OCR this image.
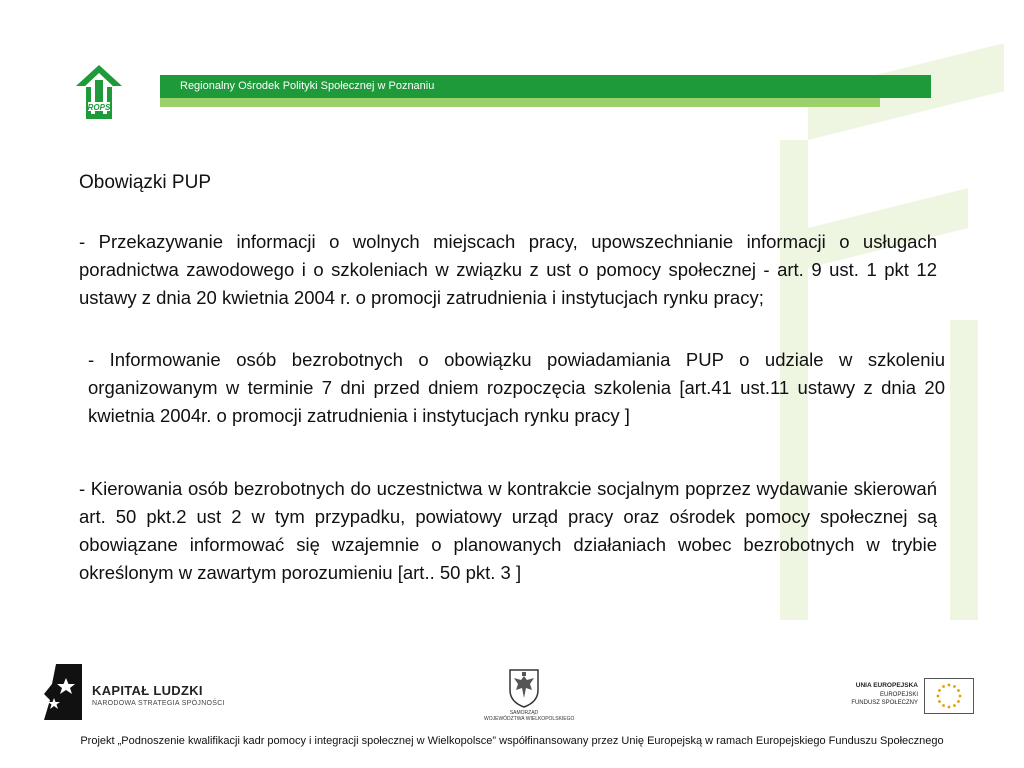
ROPS
Regionalny Ośrodek Polityki Społecznej w Poznaniu
Obowiązki PUP
- Przekazywanie informacji o wolnych miejscach pracy, upowszechnianie informacji o usługach poradnictwa zawodowego i o szkoleniach w związku z ust o pomocy społecznej - art. 9 ust. 1 pkt 12 ustawy z dnia 20 kwietnia 2004 r. o promocji zatrudnienia i instytucjach rynku pracy;
- Informowanie osób bezrobotnych o obowiązku powiadamiania PUP o udziale w szkoleniu organizowanym w terminie 7 dni przed dniem rozpoczęcia szkolenia [art.41 ust.11 ustawy z dnia 20 kwietnia 2004r. o promocji zatrudnienia i instytucjach rynku pracy ]
- Kierowania osób bezrobotnych do uczestnictwa w kontrakcie socjalnym poprzez wydawanie skierowań art. 50 pkt.2 ust 2 w tym przypadku, powiatowy urząd pracy oraz ośrodek pomocy społecznej są obowiązane informować się wzajemnie o planowanych działaniach wobec bezrobotnych w trybie określonym w zawartym porozumieniu [art.. 50 pkt. 3 ]
KAPITAŁ LUDZKI
NARODOWA STRATEGIA SPÓJNOŚCI
SAMORZĄD
WOJEWÓDZTWA WIELKOPOLSKIEGO
UNIA EUROPEJSKA
EUROPEJSKI
FUNDUSZ SPOŁECZNY
Projekt „Podnoszenie kwalifikacji kadr pomocy i integracji społecznej w Wielkopolsce” współfinansowany przez Unię Europejską w ramach Europejskiego Funduszu Społecznego
